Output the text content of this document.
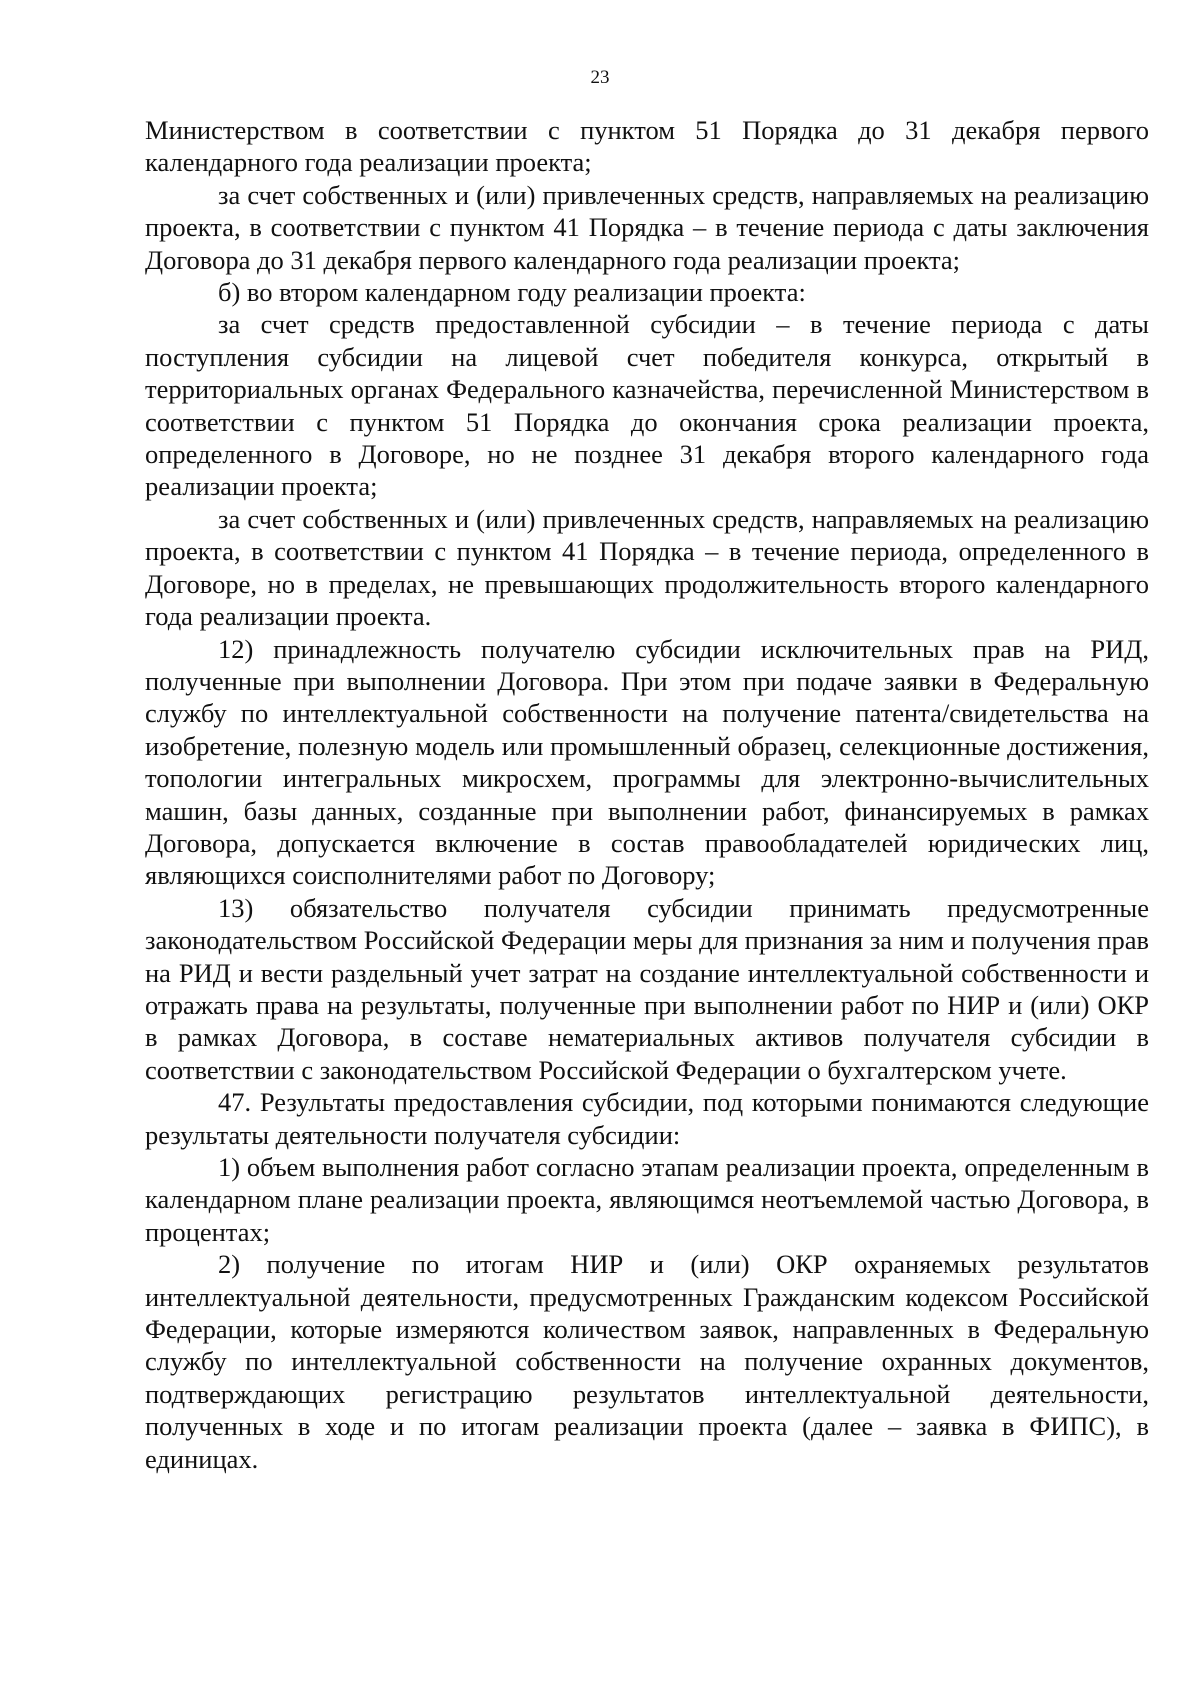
23

Министерством в соответствии с пунктом 51 Порядка до 31 декабря первого календарного года реализации проекта;

за счет собственных и (или) привлеченных средств, направляемых на реализацию проекта, в соответствии с пунктом 41 Порядка – в течение периода с даты заключения Договора до 31 декабря первого календарного года реализации проекта;

б) во втором календарном году реализации проекта:

за счет средств предоставленной субсидии – в течение периода с даты поступления субсидии на лицевой счет победителя конкурса, открытый в территориальных органах Федерального казначейства, перечисленной Министерством в соответствии с пунктом 51 Порядка до окончания срока реализации проекта, определенного в Договоре, но не позднее 31 декабря второго календарного года реализации проекта;

за счет собственных и (или) привлеченных средств, направляемых на реализацию проекта, в соответствии с пунктом 41 Порядка – в течение периода, определенного в Договоре, но в пределах, не превышающих продолжительность второго календарного года реализации проекта.

12) принадлежность получателю субсидии исключительных прав на РИД, полученные при выполнении Договора. При этом при подаче заявки в Федеральную службу по интеллектуальной собственности на получение патента/свидетельства на изобретение, полезную модель или промышленный образец, селекционные достижения, топологии интегральных микросхем, программы для электронно-вычислительных машин, базы данных, созданные при выполнении работ, финансируемых в рамках Договора, допускается включение в состав правообладателей юридических лиц, являющихся соисполнителями работ по Договору;

13) обязательство получателя субсидии принимать предусмотренные законодательством Российской Федерации меры для признания за ним и получения прав на РИД и вести раздельный учет затрат на создание интеллектуальной собственности и отражать права на результаты, полученные при выполнении работ по НИР и (или) ОКР в рамках Договора, в составе нематериальных активов получателя субсидии в соответствии с законодательством Российской Федерации о бухгалтерском учете.

47. Результаты предоставления субсидии, под которыми понимаются следующие результаты деятельности получателя субсидии:

1) объем выполнения работ согласно этапам реализации проекта, определенным в календарном плане реализации проекта, являющимся неотъемлемой частью Договора, в процентах;

2) получение по итогам НИР и (или) ОКР охраняемых результатов интеллектуальной деятельности, предусмотренных Гражданским кодексом Российской Федерации, которые измеряются количеством заявок, направленных в Федеральную службу по интеллектуальной собственности на получение охранных документов, подтверждающих регистрацию результатов интеллектуальной деятельности, полученных в ходе и по итогам реализации проекта (далее – заявка в ФИПС), в единицах.
